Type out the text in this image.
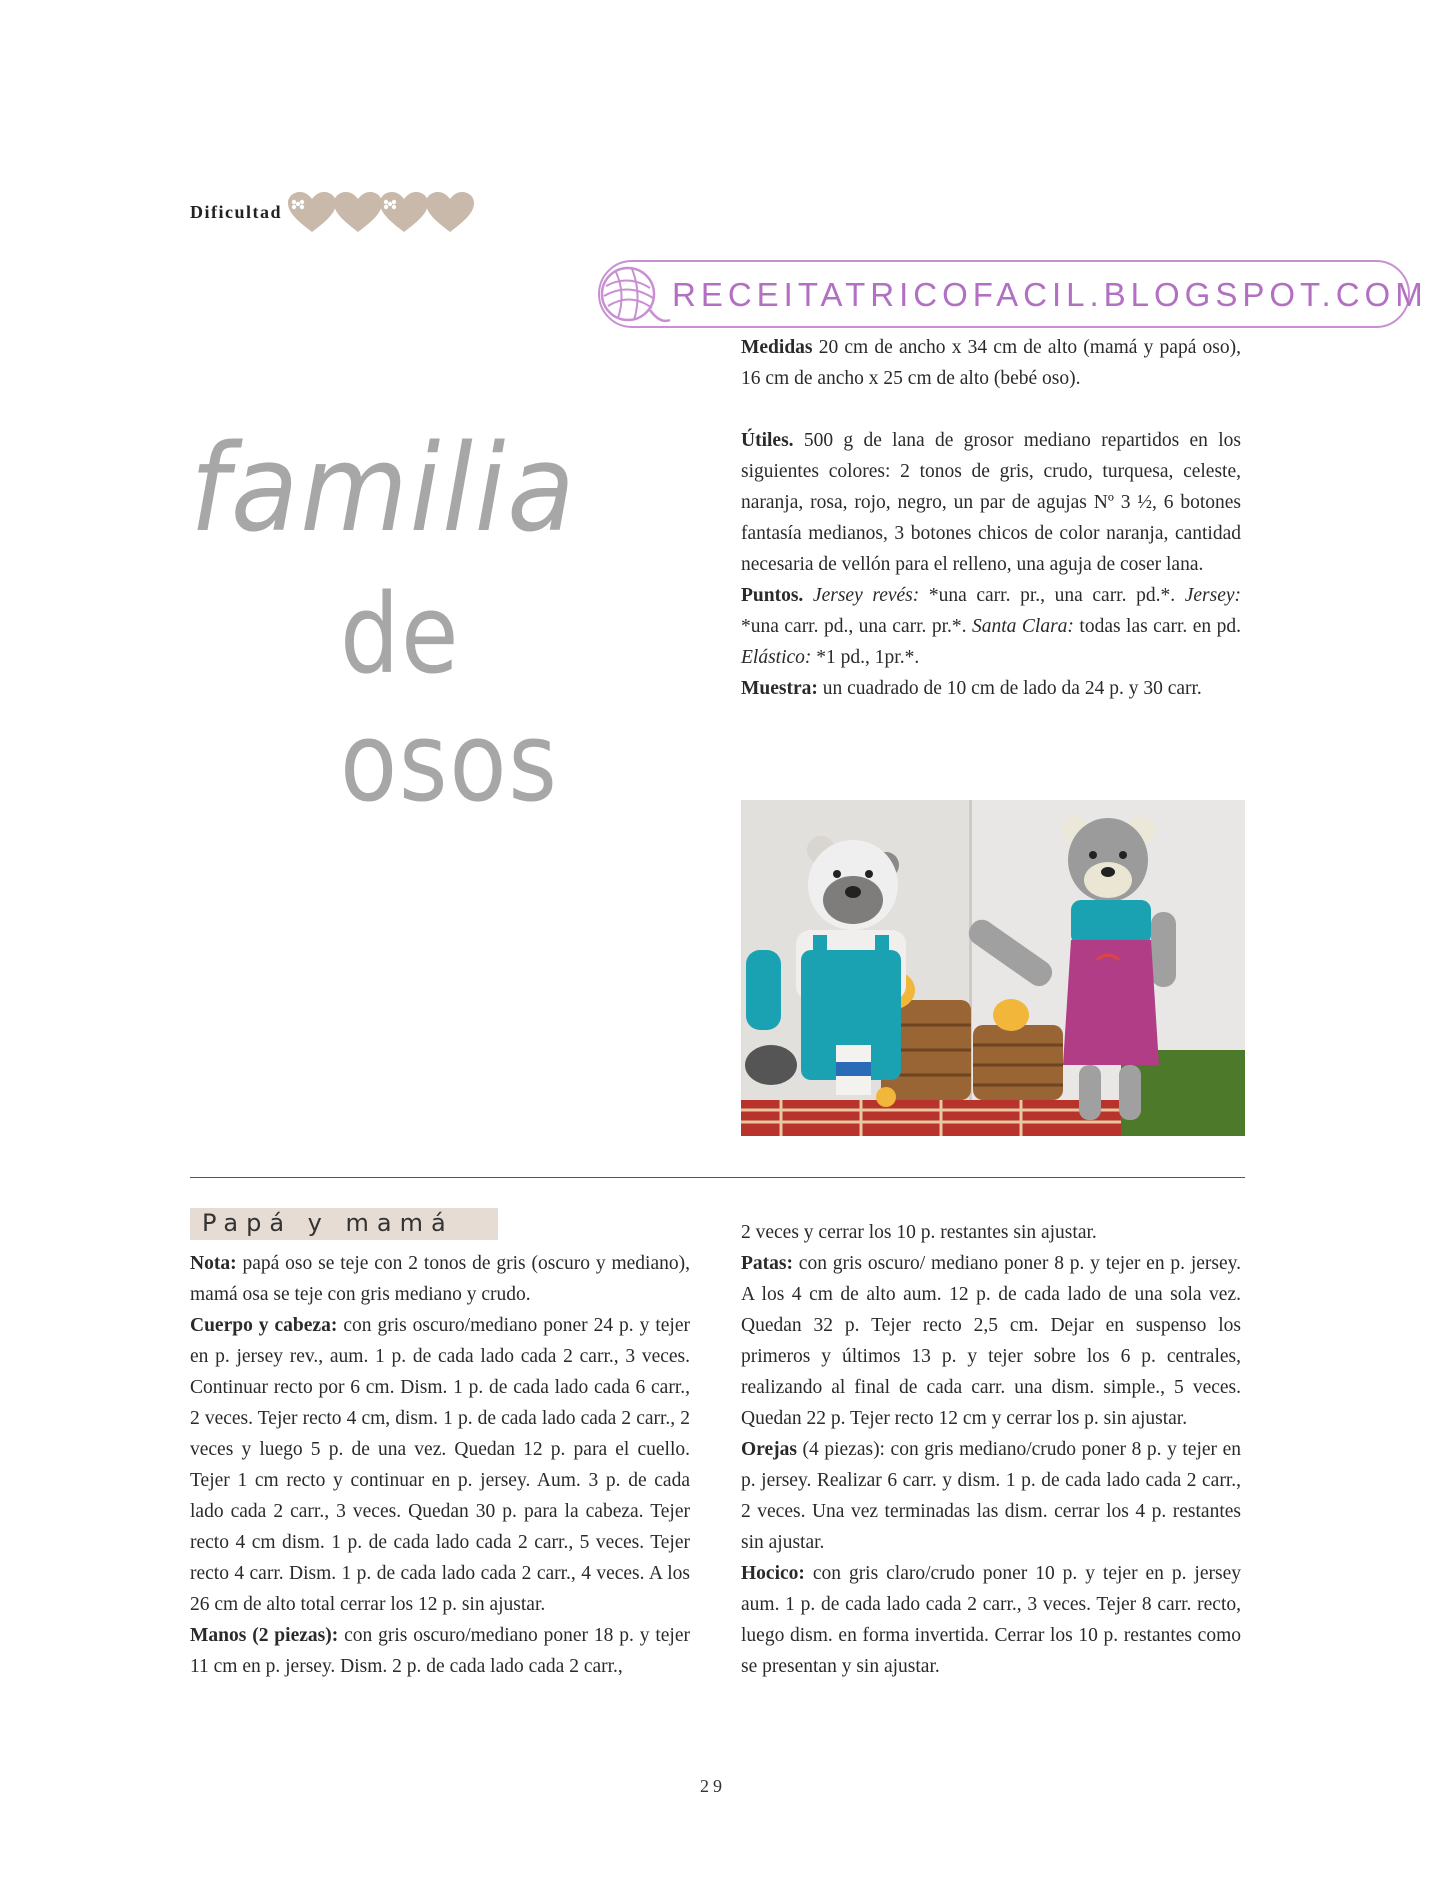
Dificultad
RECEITATRICOFACIL.BLOGSPOT.COM
familia
de osos

Medidas 20 cm de ancho x 34 cm de alto (mamá y papá oso), 16 cm de ancho x 25 cm de alto (bebé oso).

Útiles. 500 g de lana de grosor mediano repartidos en los siguientes colores: 2 tonos de gris, crudo, turquesa, celeste, naranja, rosa, rojo, negro, un par de agujas Nº 3 ½, 6 botones fantasía medianos, 3 botones chicos de color naranja, cantidad necesaria de vellón para el relleno, una aguja de coser lana.

Puntos. Jersey revés: *una carr. pr., una carr. pd.*. Jersey: *una carr. pd., una carr. pr.*. Santa Clara: todas las carr. en pd. Elástico: *1 pd., 1pr.*.

Muestra: un cuadrado de 10 cm de lado da 24 p. y 30 carr.

Papá y mamá

Nota: papá oso se teje con 2 tonos de gris (oscuro y mediano), mamá osa se teje con gris mediano y crudo.

Cuerpo y cabeza: con gris oscuro/mediano poner 24 p. y tejer en p. jersey rev., aum. 1 p. de cada lado cada 2 carr., 3 veces. Continuar recto por 6 cm. Dism. 1 p. de cada lado cada 6 carr., 2 veces. Tejer recto 4 cm, dism. 1 p. de cada lado cada 2 carr., 2 veces y luego 5 p. de una vez. Quedan 12 p. para el cuello. Tejer 1 cm recto y continuar en p. jersey. Aum. 3 p. de cada lado cada 2 carr., 3 veces. Quedan 30 p. para la cabeza. Tejer recto 4 cm dism. 1 p. de cada lado cada 2 carr., 5 veces. Tejer recto 4 carr. Dism. 1 p. de cada lado cada 2 carr., 4 veces. A los 26 cm de alto total cerrar los 12 p. sin ajustar.

Manos (2 piezas): con gris oscuro/mediano poner 18 p. y tejer 11 cm en p. jersey. Dism. 2 p. de cada lado cada 2 carr.,

2 veces y cerrar los 10 p. restantes sin ajustar.

Patas: con gris oscuro/ mediano poner 8 p. y tejer en p. jersey. A los 4 cm de alto aum. 12 p. de cada lado de una sola vez. Quedan 32 p. Tejer recto 2,5 cm. Dejar en suspenso los primeros y últimos 13 p. y tejer sobre los 6 p. centrales, realizando al final de cada carr. una dism. simple., 5 veces. Quedan 22 p. Tejer recto 12 cm y cerrar los p. sin ajustar.

Orejas (4 piezas): con gris mediano/crudo poner 8 p. y tejer en p. jersey. Realizar 6 carr. y dism. 1 p. de cada lado cada 2 carr., 2 veces. Una vez terminadas las dism. cerrar los 4 p. restantes sin ajustar.

Hocico: con gris claro/crudo poner 10 p. y tejer en p. jersey aum. 1 p. de cada lado cada 2 carr., 3 veces. Tejer 8 carr. recto, luego dism. en forma invertida. Cerrar los 10 p. restantes como se presentan y sin ajustar.

29
